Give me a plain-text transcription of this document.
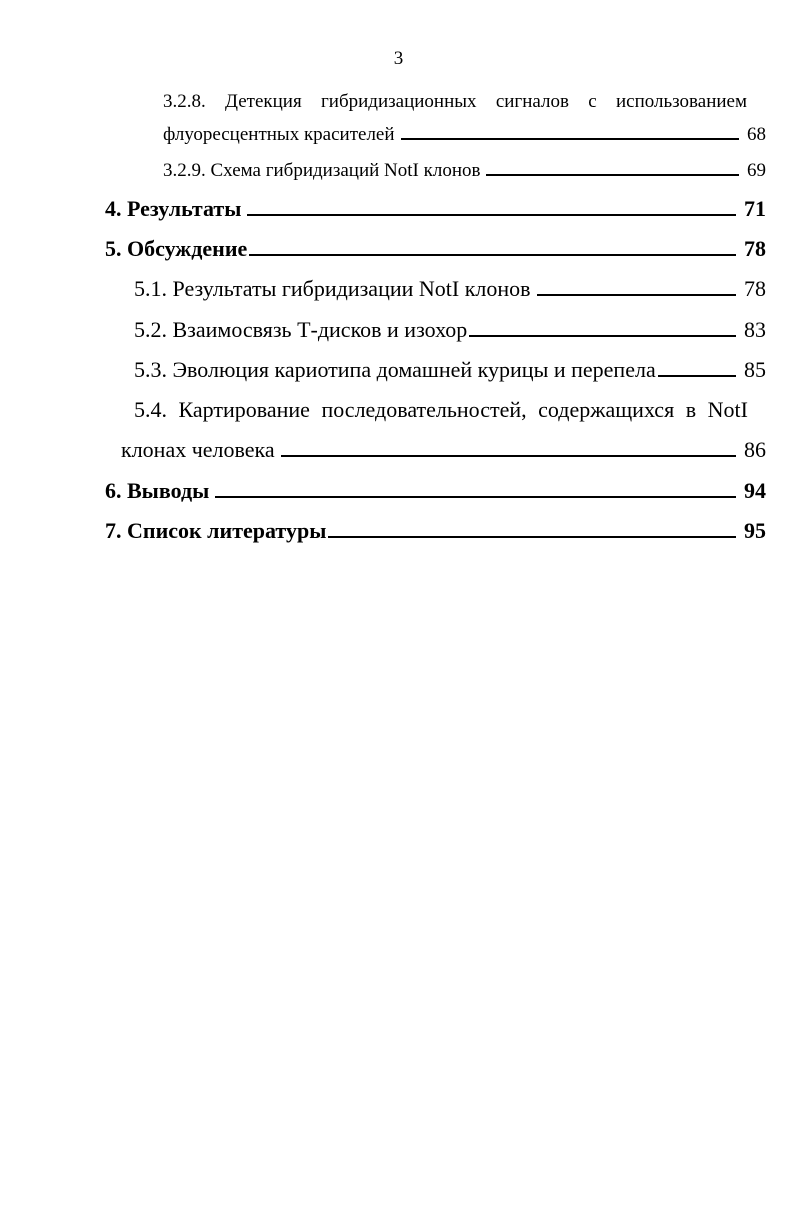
3
3.2.8. Детекция гибридизационных сигналов с использованием
флуоресцентных красителей	68
3.2.9. Схема гибридизаций NotI клонов	69
4. Результаты	71
5. Обсуждение	78
5.1. Результаты гибридизации NotI клонов	78
5.2. Взаимосвязь Т-дисков и изохор	83
5.3. Эволюция кариотипа домашней курицы и перепела	85
5.4. Картирование последовательностей, содержащихся в NotI
клонах человека	86
6. Выводы	94
7. Список литературы	95
